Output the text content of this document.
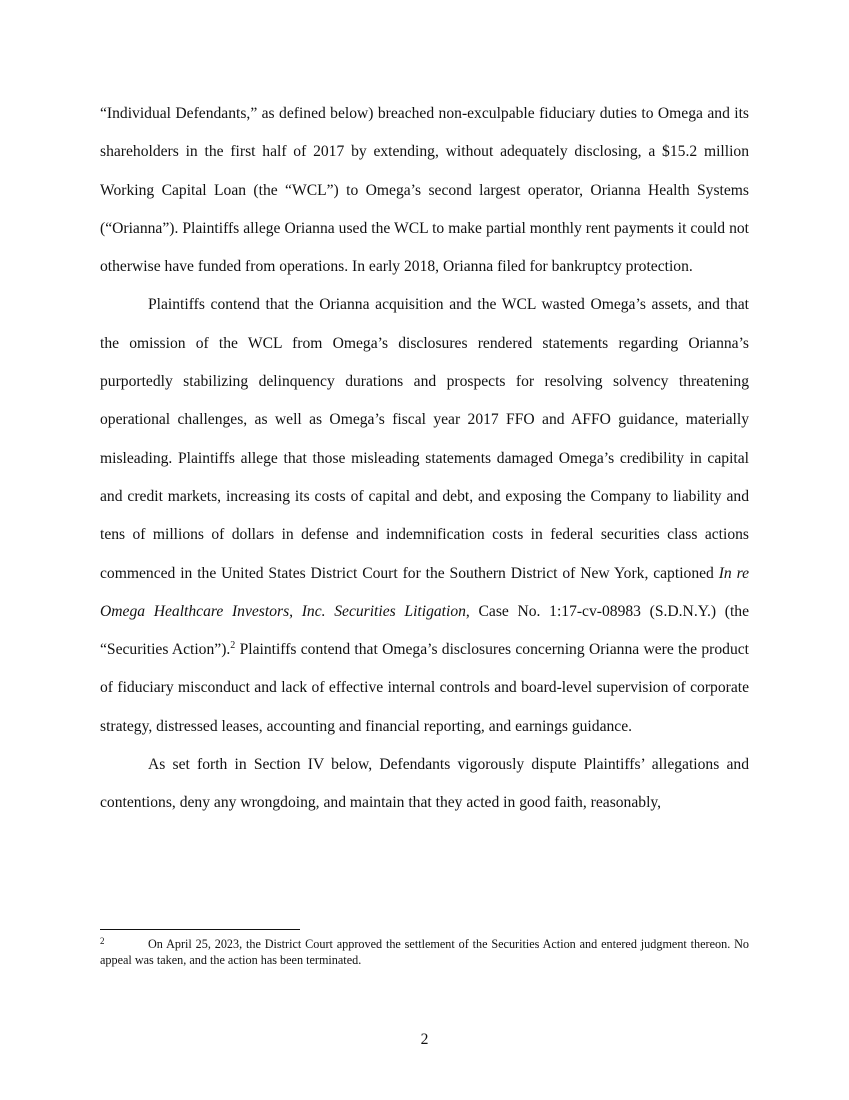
“Individual Defendants,” as defined below) breached non-exculpable fiduciary duties to Omega and its shareholders in the first half of 2017 by extending, without adequately disclosing, a $15.2 million Working Capital Loan (the “WCL”) to Omega’s second largest operator, Orianna Health Systems (“Orianna”). Plaintiffs allege Orianna used the WCL to make partial monthly rent payments it could not otherwise have funded from operations. In early 2018, Orianna filed for bankruptcy protection.

Plaintiffs contend that the Orianna acquisition and the WCL wasted Omega’s assets, and that the omission of the WCL from Omega’s disclosures rendered statements regarding Orianna’s purportedly stabilizing delinquency durations and prospects for resolving solvency threatening operational challenges, as well as Omega’s fiscal year 2017 FFO and AFFO guidance, materially misleading. Plaintiffs allege that those misleading statements damaged Omega’s credibility in capital and credit markets, increasing its costs of capital and debt, and exposing the Company to liability and tens of millions of dollars in defense and indemnification costs in federal securities class actions commenced in the United States District Court for the Southern District of New York, captioned In re Omega Healthcare Investors, Inc. Securities Litigation, Case No. 1:17-cv-08983 (S.D.N.Y.) (the “Securities Action”).$^2$ Plaintiffs contend that Omega’s disclosures concerning Orianna were the product of fiduciary misconduct and lack of effective internal controls and board-level supervision of corporate strategy, distressed leases, accounting and financial reporting, and earnings guidance.

As set forth in Section IV below, Defendants vigorously dispute Plaintiffs’ allegations and contentions, deny any wrongdoing, and maintain that they acted in good faith, reasonably,

2	On April 25, 2023, the District Court approved the settlement of the Securities Action and entered judgment thereon. No appeal was taken, and the action has been terminated.
2
